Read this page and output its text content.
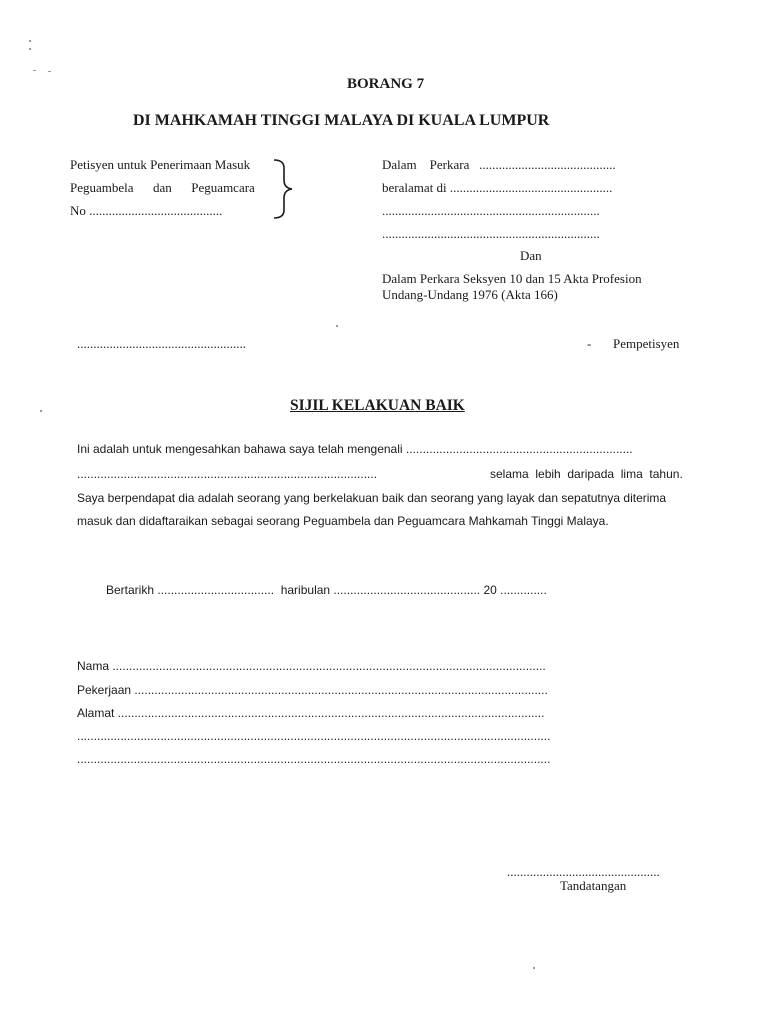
BORANG 7
DI MAHKAMAH TINGGI MALAYA DI KUALA LUMPUR
Petisyen untuk Penerimaan Masuk
Peguambela      dan      Peguamcara
No .........................................
Dalam    Perkara   ..........................................
beralamat di ..................................................
...................................................................
...................................................................
Dan
Dalam Perkara Seksyen 10 dan 15 Akta Profesion
Undang-Undang 1976 (Akta 166)
....................................................	- Pempetisyen
SIJIL KELAKUAN BAIK
Ini adalah untuk mengesahkan bahawa saya telah mengenali ....................................................................
..........................................................................................	selama  lebih  daripada  lima  tahun.
Saya berpendapat dia adalah seorang yang berkelakuan baik dan seorang yang layak dan sepatutnya diterima
masuk dan didaftaraikan sebagai seorang Peguambela dan Peguamcara Mahkamah Tinggi Malaya.
Bertarikh ...................................  haribulan ............................................ 20 ..............
Nama ..................................................................................................................................
Pekerjaan ............................................................................................................................
Alamat ................................................................................................................................
..............................................................................................................................................
..............................................................................................................................................
...............................................
Tandatangan
